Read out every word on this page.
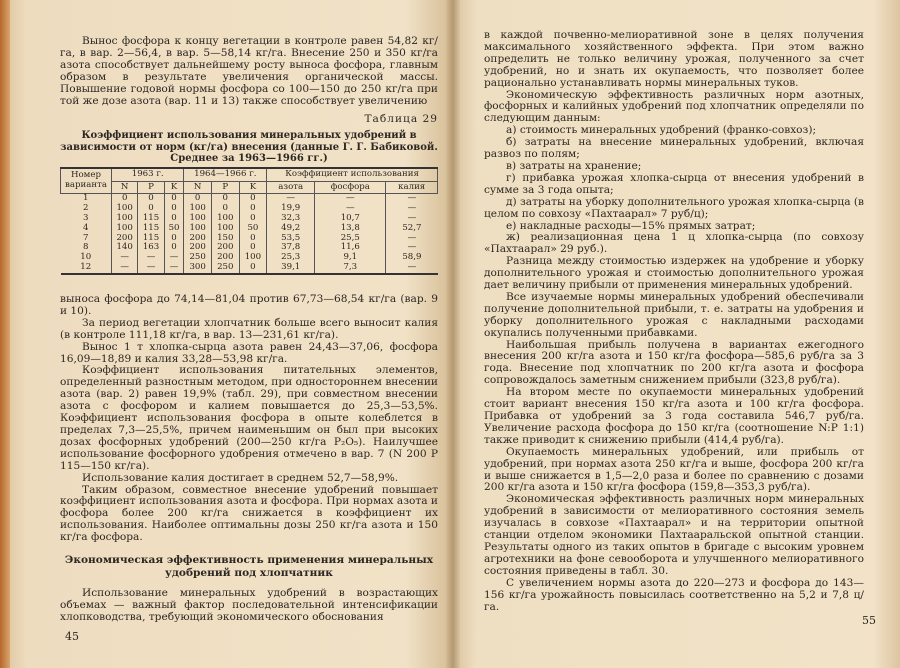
Вынос фосфора к концу вегетации в контроле равен 54,82 кг/га, в вар. 2—56,4, в вар. 5—58,14 кг/га. Внесение 250 и 350 кг/га азота способствует дальнейшему росту выноса фосфора, главным образом в результате увеличения органической массы. Повышение годовой нормы фосфора со 100—150 до 250 кг/га при той же дозе азота (вар. 11 и 13) также способствует увеличению

Таблица 29
Коэффициент использования минеральных удобрений в зависимости от норм (кг/га) внесения (данные Г. Г. Бабиковой. Среднее за 1963—1966 гг.)
Номер варианта	1963 г.			1964—1966 г.			Коэффициент использования		
	N	P	K	N	P	K	азота	фосфора	калия
1	0	0	0	0	0	0	—	—	—
2	100	0	0	100	0	0	19,9	—	—
3	100	115	0	100	100	0	32,3	10,7	—
4	100	115	50	100	100	50	49,2	13,8	52,7
7	200	115	0	200	150	0	53,5	25,5	—
8	140	163	0	200	200	0	37,8	11,6	—
10	—	—	—	250	200	100	25,3	9,1	58,9
12	—	—	—	300	250	0	39,1	7,3	—

выноса фосфора до 74,14—81,04 против 67,73—68,54 кг/га (вар. 9 и 10).

За период вегетации хлопчатник больше всего выносит калия (в контроле 111,18 кг/га, в вар. 13—231,61 кг/га).

Вынос 1 т хлопка-сырца азота равен 24,43—37,06, фосфора 16,09—18,89 и калия 33,28—53,98 кг/га.

Коэффициент использования питательных элементов, определенный разностным методом, при одностороннем внесении азота (вар. 2) равен 19,9% (табл. 29), при совместном внесении азота с фосфором и калием повышается до 25,3—53,5%. Коэффициент использования фосфора в опыте колеблется в пределах 7,3—25,5%, причем наименьшим он был при высоких дозах фосфорных удобрений (200—250 кг/га P₂O₅). Наилучшее использование фосфорного удобрения отмечено в вар. 7 (N 200 P 115—150 кг/га).

Использование калия достигает в среднем 52,7—58,9%.

Таким образом, совместное внесение удобрений повышает коэффициент использования азота и фосфора. При нормах азота и фосфора более 200 кг/га снижается в коэффициент их использования. Наиболее оптимальны дозы 250 кг/га азота и 150 кг/га фосфора.

Экономическая эффективность применения минеральных удобрений под хлопчатник

Использование минеральных удобрений в возрастающих объемах — важный фактор последовательной интенсификации хлопководства, требующий экономического обоснования

45

в каждой почвенно-мелиоративной зоне в целях получения максимального хозяйственного эффекта. При этом важно определить не только величину урожая, полученного за счет удобрений, но и знать их окупаемость, что позволяет более рационально устанавливать нормы минеральных туков.

Экономическую эффективность различных норм азотных, фосфорных и калийных удобрений под хлопчатник определяли по следующим данным:

а) стоимость минеральных удобрений (франко-совхоз);

б) затраты на внесение минеральных удобрений, включая развоз по полям;

в) затраты на хранение;

г) прибавка урожая хлопка-сырца от внесения удобрений в сумме за 3 года опыта;

д) затраты на уборку дополнительного урожая хлопка-сырца (в целом по совхозу «Пахтаарал» 7 руб/ц);

е) накладные расходы—15% прямых затрат;

ж) реализационная цена 1 ц хлопка-сырца (по совхозу «Пахтаарал» 29 руб.).

Разница между стоимостью издержек на удобрение и уборку дополнительного урожая и стоимостью дополнительного урожая дает величину прибыли от применения минеральных удобрений.

Все изучаемые нормы минеральных удобрений обеспечивали получение дополнительной прибыли, т. е. затраты на удобрения и уборку дополнительного урожая с накладными расходами окупались полученными прибавками.

Наибольшая прибыль получена в вариантах ежегодного внесения 200 кг/га азота и 150 кг/га фосфора—585,6 руб/га за 3 года. Внесение под хлопчатник по 200 кг/га азота и фосфора сопровождалось заметным снижением прибыли (323,8 руб/га).

На втором месте по окупаемости минеральных удобрений стоит вариант внесения 150 кг/га азота и 100 кг/га фосфора. Прибавка от удобрений за 3 года составила 546,7 руб/га. Увеличение расхода фосфора до 150 кг/га (соотношение N:P 1:1) также приводит к снижению прибыли (414,4 руб/га).

Окупаемость минеральных удобрений, или прибыль от удобрений, при нормах азота 250 кг/га и выше, фосфора 200 кг/га и выше снижается в 1,5—2,0 раза и более по сравнению с дозами 200 кг/га азота и 150 кг/га фосфора (159,8—353,3 руб/га).

Экономическая эффективность различных норм минеральных удобрений в зависимости от мелиоративного состояния земель изучалась в совхозе «Пахтаарал» и на территории опытной станции отделом экономики Пахтааральской опытной станции. Результаты одного из таких опытов в бригаде с высоким уровнем агротехники на фоне севооборота и улучшенного мелиоративного состояния приведены в табл. 30.

С увеличением нормы азота до 220—273 и фосфора до 143—156 кг/га урожайность повысилась соответственно на 5,2 и 7,8 ц/га.

55
